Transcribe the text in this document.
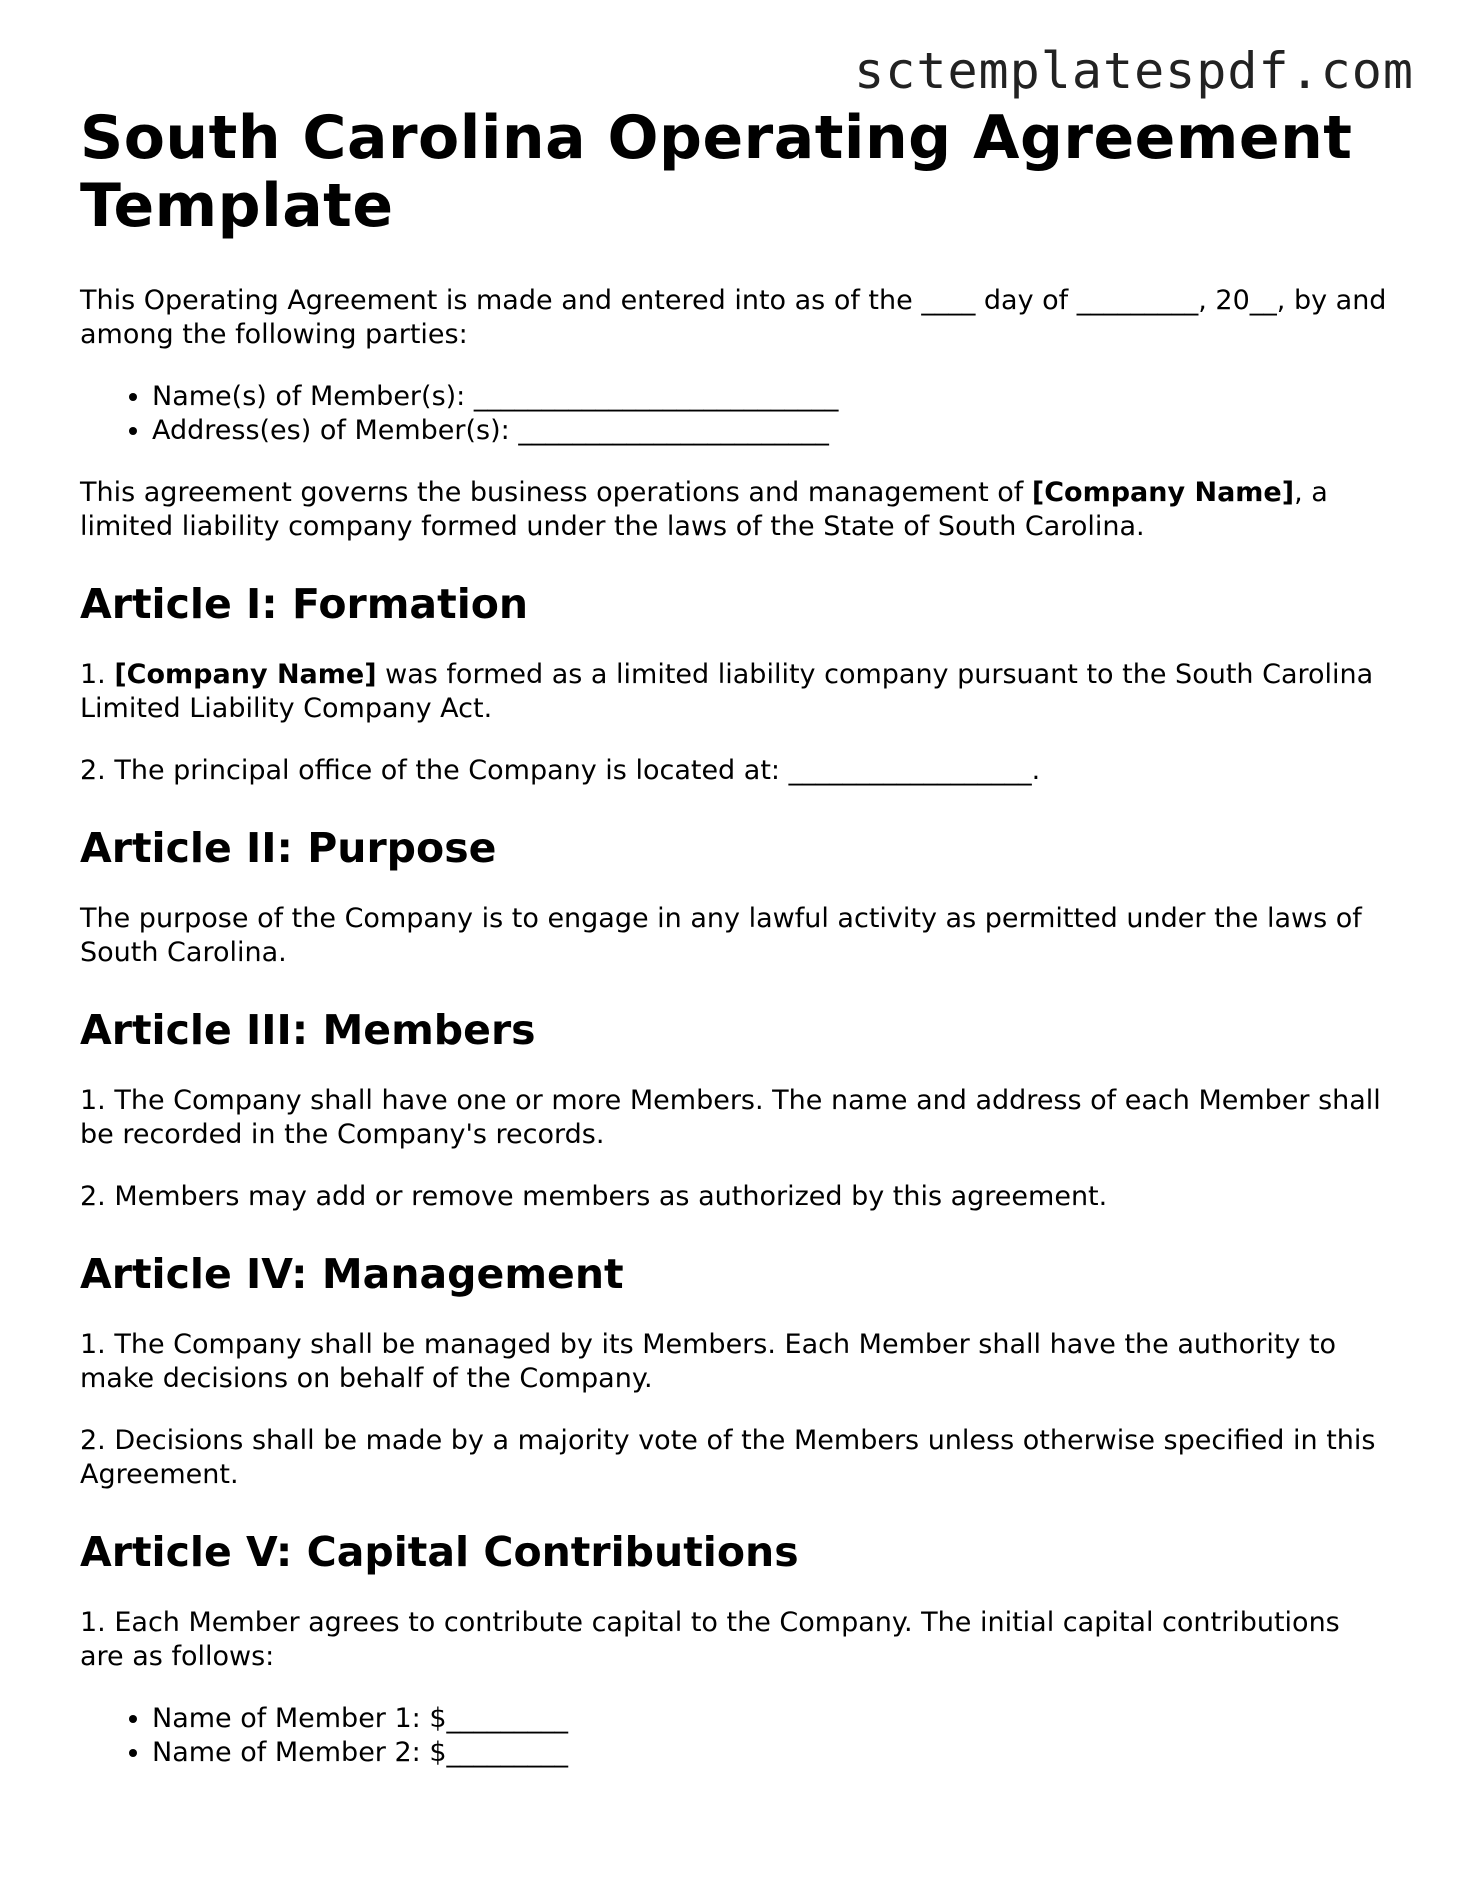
sctemplatespdf.com
South Carolina Operating Agreement Template

This Operating Agreement is made and entered into as of the ____ day of _________, 20__, by and among the following parties:

• Name(s) of Member(s): ___________________________
• Address(es) of Member(s): _______________________

This agreement governs the business operations and management of [Company Name], a limited liability company formed under the laws of the State of South Carolina.

Article I: Formation

1. [Company Name] was formed as a limited liability company pursuant to the South Carolina Limited Liability Company Act.

2. The principal office of the Company is located at: __________________.

Article II: Purpose

The purpose of the Company is to engage in any lawful activity as permitted under the laws of South Carolina.

Article III: Members

1. The Company shall have one or more Members. The name and address of each Member shall be recorded in the Company's records.

2. Members may add or remove members as authorized by this agreement.

Article IV: Management

1. The Company shall be managed by its Members. Each Member shall have the authority to make decisions on behalf of the Company.

2. Decisions shall be made by a majority vote of the Members unless otherwise specified in this Agreement.

Article V: Capital Contributions

1. Each Member agrees to contribute capital to the Company. The initial capital contributions are as follows:

• Name of Member 1: $_________
• Name of Member 2: $_________
